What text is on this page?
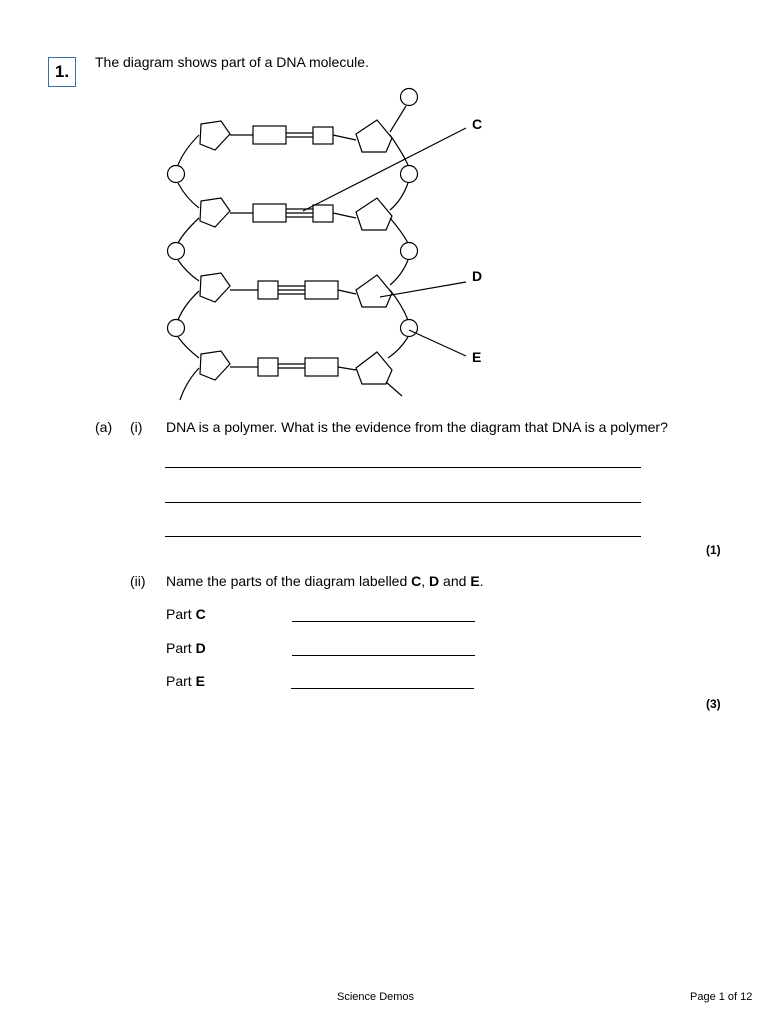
1.	The diagram shows part of a DNA molecule.
C
D
E
(a) (i) DNA is a polymer. What is the evidence from the diagram that DNA is a polymer?
(1)
(ii) Name the parts of the diagram labelled C, D and E.
Part C
Part D
Part E
(3)
Science Demos	Page 1 of 12
